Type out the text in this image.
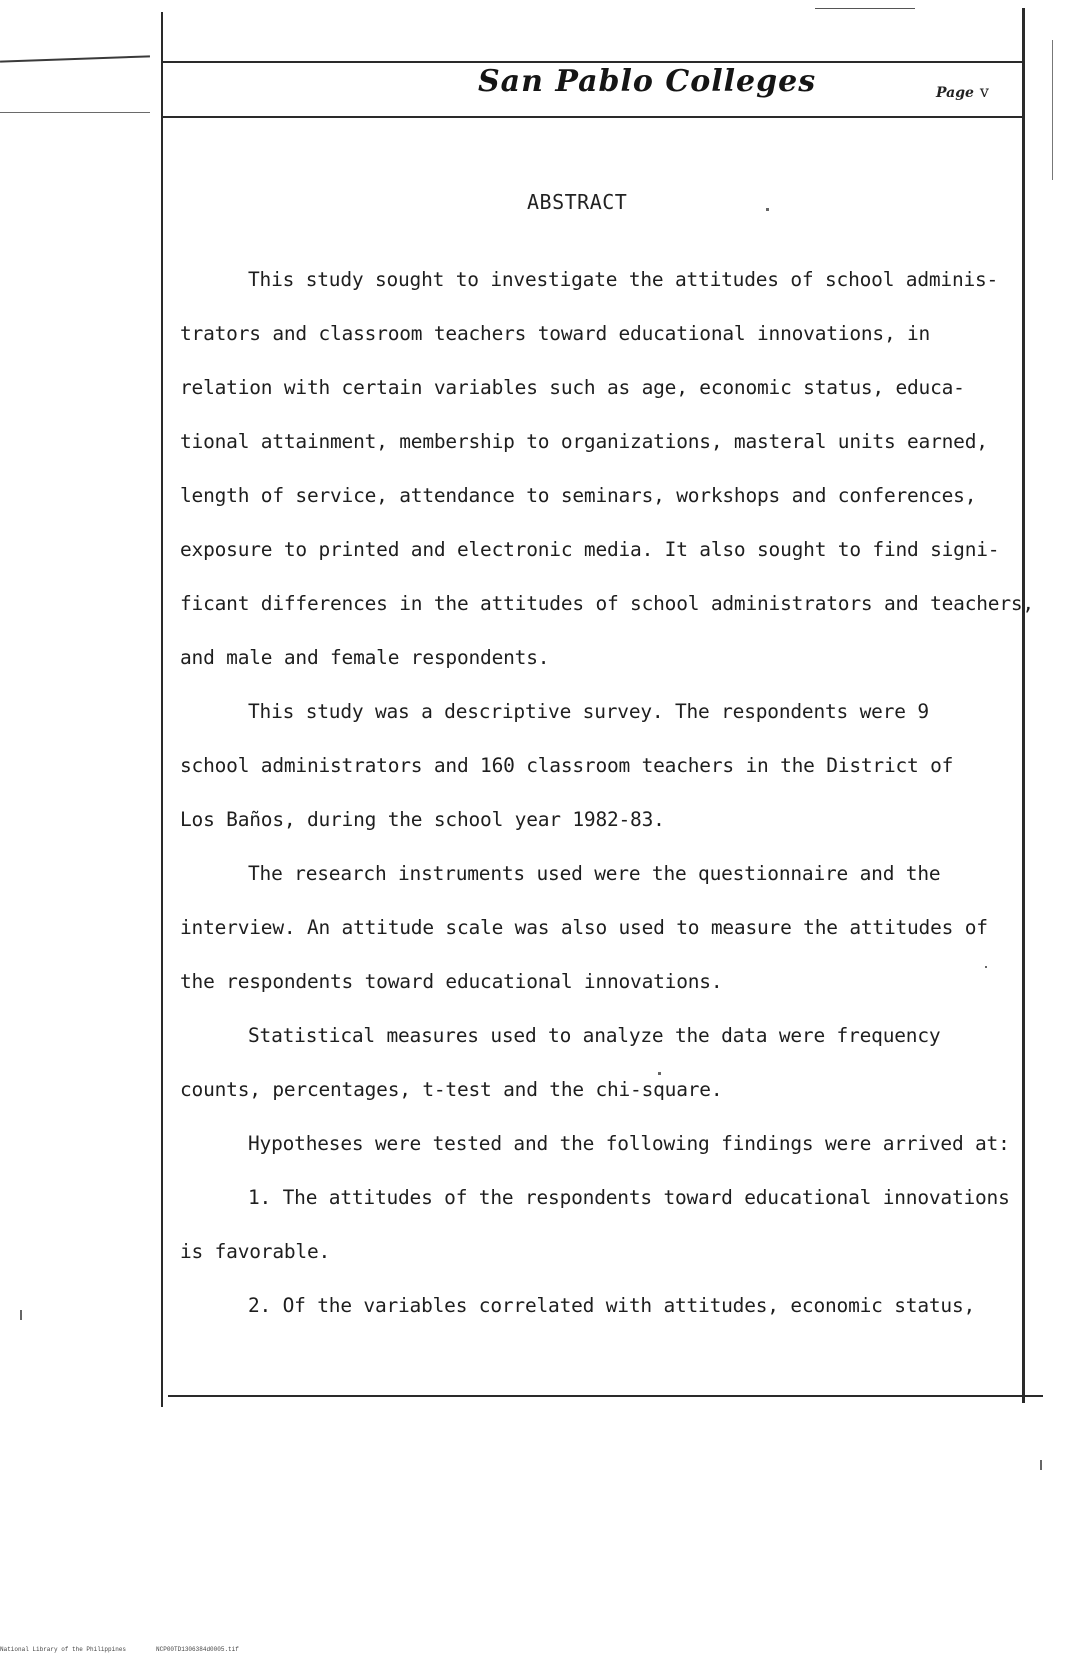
San Pablo Colleges	Page v
ABSTRACT
This study sought to investigate the attitudes of school adminis-
trators and classroom teachers toward educational innovations, in
relation with certain variables such as age, economic status, educa-
tional attainment, membership to organizations, masteral units earned,
length of service, attendance to seminars, workshops and conferences,
exposure to printed and electronic media. It also sought to find signi-
ficant differences in the attitudes of school administrators and teachers,
and male and female respondents.
This study was a descriptive survey. The respondents were 9
school administrators and 160 classroom teachers in the District of
Los Baños, during the school year 1982-83.
The research instruments used were the questionnaire and the
interview. An attitude scale was also used to measure the attitudes of
the respondents toward educational innovations.
Statistical measures used to analyze the data were frequency
counts, percentages, t-test and the chi-square.
Hypotheses were tested and the following findings were arrived at:
1. The attitudes of the respondents toward educational innovations
is favorable.
2. Of the variables correlated with attitudes, economic status,
National Library of the Philippines	NCP00TD1306384d0005.tif
